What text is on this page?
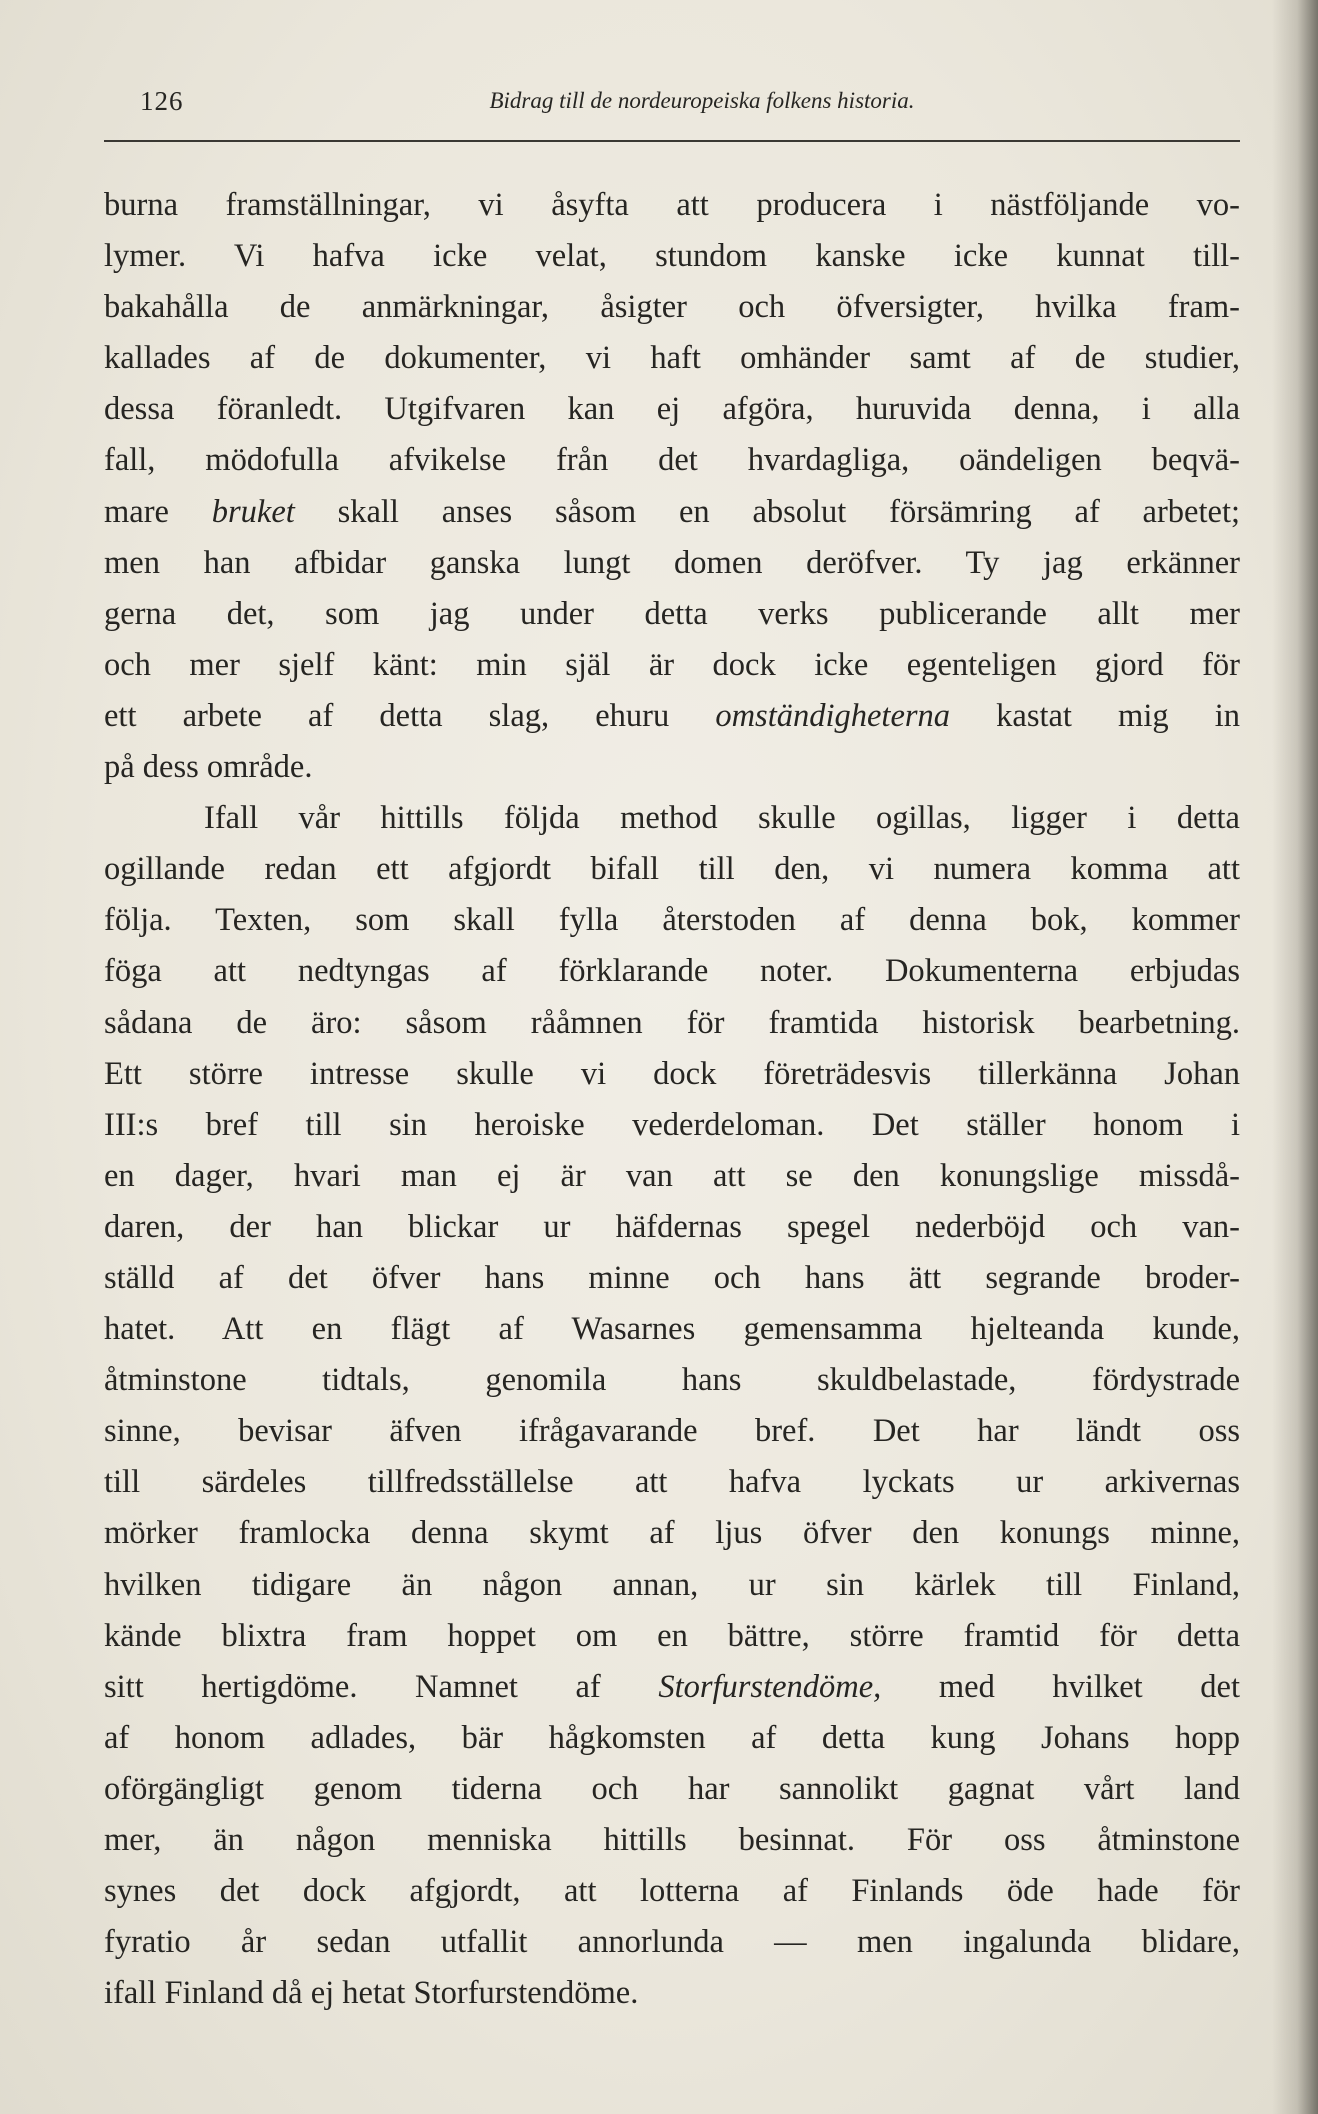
126	Bidrag till de nordeuropeiska folkens historia.
burna framställningar, vi åsyfta att producera i nästföljande vo-
lymer. Vi hafva icke velat, stundom kanske icke kunnat till-
bakahålla de anmärkningar, åsigter och öfversigter, hvilka fram-
kallades af de dokumenter, vi haft omhänder samt af de studier,
dessa föranledt. Utgifvaren kan ej afgöra, huruvida denna, i alla
fall, mödofulla afvikelse från det hvardagliga, oändeligen beqvä-
mare bruket skall anses såsom en absolut försämring af arbetet;
men han afbidar ganska lungt domen deröfver. Ty jag erkänner
gerna det, som jag under detta verks publicerande allt mer
och mer sjelf känt: min själ är dock icke egenteligen gjord för
ett arbete af detta slag, ehuru omständigheterna kastat mig in
på dess område.
Ifall vår hittills följda method skulle ogillas, ligger i detta
ogillande redan ett afgjordt bifall till den, vi numera komma att
följa. Texten, som skall fylla återstoden af denna bok, kommer
föga att nedtyngas af förklarande noter. Dokumenterna erbjudas
sådana de äro: såsom rååmnen för framtida historisk bearbetning.
Ett större intresse skulle vi dock företrädesvis tillerkänna Johan
III:s bref till sin heroiske vederdeloman. Det ställer honom i
en dager, hvari man ej är van att se den konungslige missdå-
daren, der han blickar ur häfdernas spegel nederböjd och van-
ställd af det öfver hans minne och hans ätt segrande broder-
hatet. Att en flägt af Wasarnes gemensamma hjelteanda kunde,
åtminstone tidtals, genomila hans skuldbelastade, fördystrade
sinne, bevisar äfven ifrågavarande bref. Det har ländt oss
till särdeles tillfredsställelse att hafva lyckats ur arkivernas
mörker framlocka denna skymt af ljus öfver den konungs minne,
hvilken tidigare än någon annan, ur sin kärlek till Finland,
kände blixtra fram hoppet om en bättre, större framtid för detta
sitt hertigdöme. Namnet af Storfurstendöme, med hvilket det
af honom adlades, bär hågkomsten af detta kung Johans hopp
oförgängligt genom tiderna och har sannolikt gagnat vårt land
mer, än någon menniska hittills besinnat. För oss åtminstone
synes det dock afgjordt, att lotterna af Finlands öde hade för
fyratio år sedan utfallit annorlunda — men ingalunda blidare,
ifall Finland då ej hetat Storfurstendöme.
